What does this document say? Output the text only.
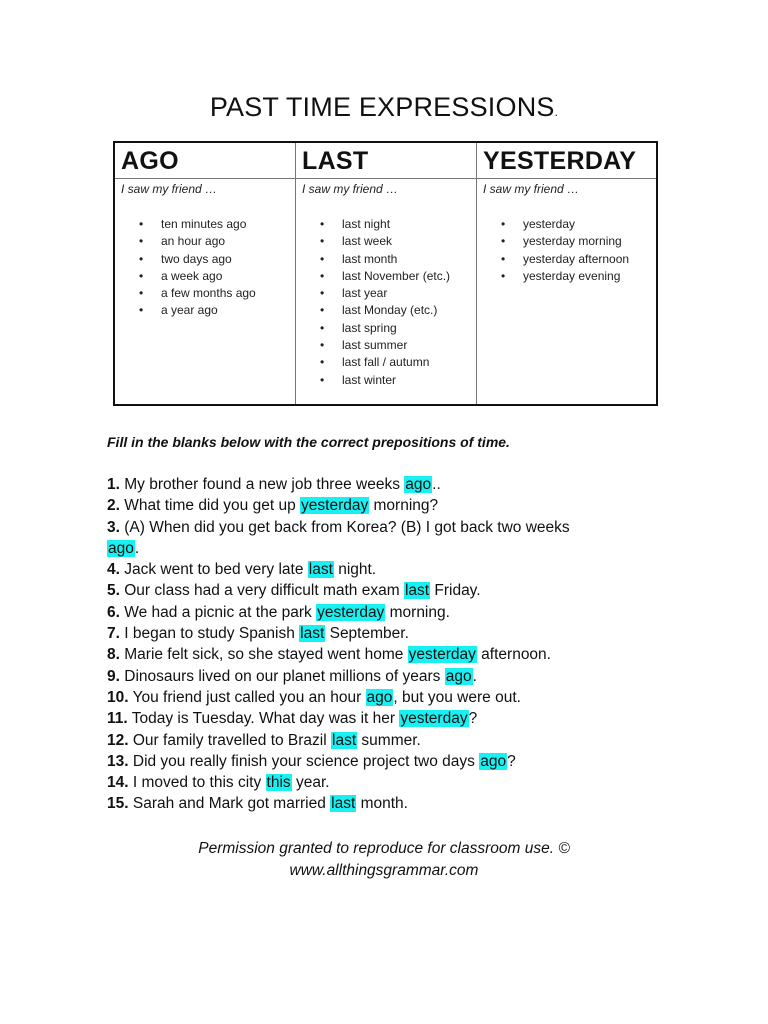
PAST TIME EXPRESSIONS.
AGO
I saw my friend …
• ten minutes ago
• an hour ago
• two days ago
• a week ago
• a few months ago
• a year ago
LAST
I saw my friend …
• last night
• last week
• last month
• last November (etc.)
• last year
• last Monday (etc.)
• last spring
• last summer
• last fall / autumn
• last winter
YESTERDAY
I saw my friend …
• yesterday
• yesterday morning
• yesterday afternoon
• yesterday evening
Fill in the blanks below with the correct prepositions of time.
1. My brother found a new job three weeks ago..
2. What time did you get up yesterday morning?
3. (A) When did you get back from Korea? (B) I got back two weeks
ago.
4. Jack went to bed very late last night.
5. Our class had a very difficult math exam last Friday.
6. We had a picnic at the park yesterday morning.
7. I began to study Spanish last September.
8. Marie felt sick, so she stayed went home yesterday afternoon.
9. Dinosaurs lived on our planet millions of years ago.
10. You friend just called you an hour ago, but you were out.
11. Today is Tuesday. What day was it her yesterday?
12. Our family travelled to Brazil last summer.
13. Did you really finish your science project two days ago?
14. I moved to this city this year.
15. Sarah and Mark got married last month.
Permission granted to reproduce for classroom use. ©
www.allthingsgrammar.com
